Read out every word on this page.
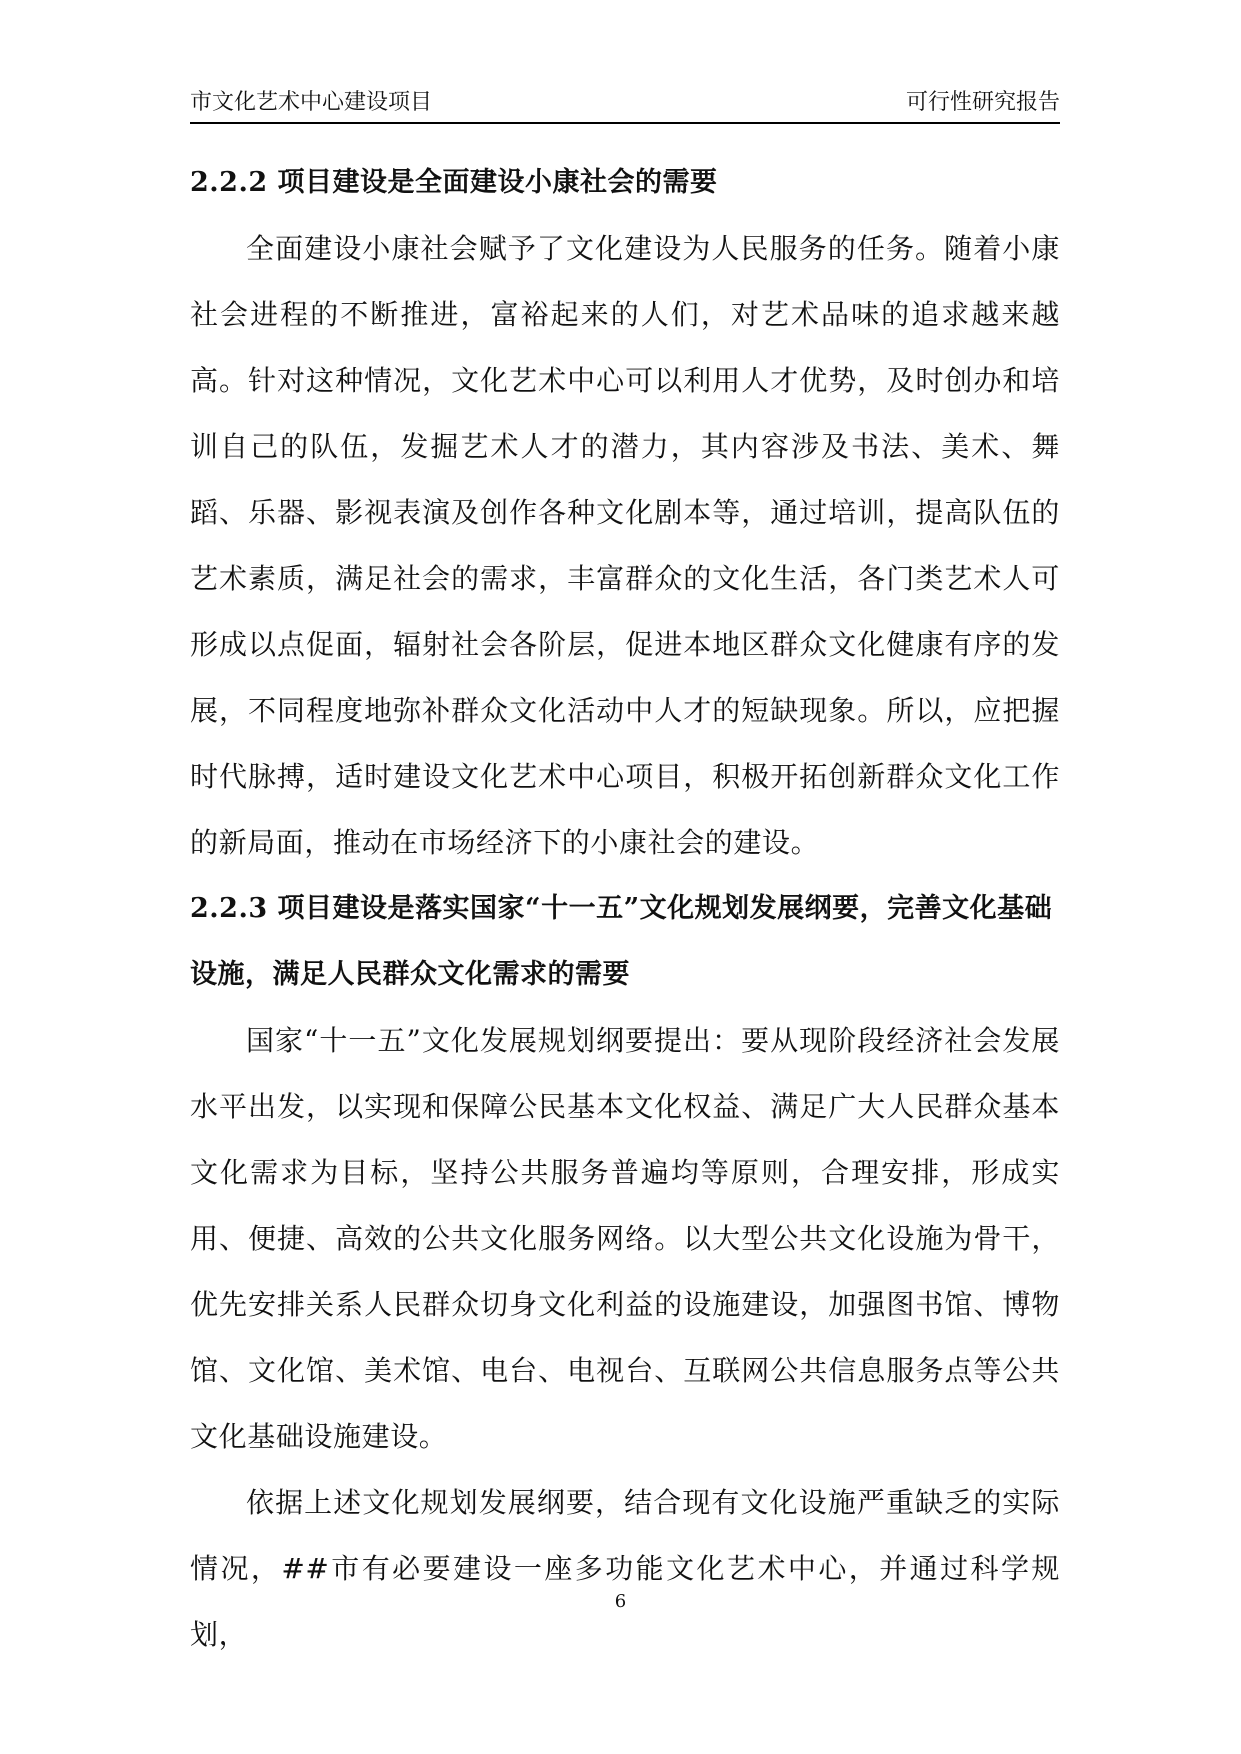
市文化艺术中心建设项目	可行性研究报告
2.2.2 项目建设是全面建设小康社会的需要

全面建设小康社会赋予了文化建设为人民服务的任务。随着小康社会进程的不断推进，富裕起来的人们，对艺术品味的追求越来越高。针对这种情况，文化艺术中心可以利用人才优势，及时创办和培训自己的队伍，发掘艺术人才的潜力，其内容涉及书法、美术、舞蹈、乐器、影视表演及创作各种文化剧本等，通过培训，提高队伍的艺术素质，满足社会的需求，丰富群众的文化生活，各门类艺术人可形成以点促面，辐射社会各阶层，促进本地区群众文化健康有序的发展，不同程度地弥补群众文化活动中人才的短缺现象。所以，应把握时代脉搏，适时建设文化艺术中心项目，积极开拓创新群众文化工作的新局面，推动在市场经济下的小康社会的建设。

2.2.3 项目建设是落实国家“十一五”文化规划发展纲要，完善文化基础设施，满足人民群众文化需求的需要

国家“十一五”文化发展规划纲要提出：要从现阶段经济社会发展水平出发，以实现和保障公民基本文化权益、满足广大人民群众基本文化需求为目标，坚持公共服务普遍均等原则，合理安排，形成实用、便捷、高效的公共文化服务网络。以大型公共文化设施为骨干，优先安排关系人民群众切身文化利益的设施建设，加强图书馆、博物馆、文化馆、美术馆、电台、电视台、互联网公共信息服务点等公共文化基础设施建设。

依据上述文化规划发展纲要，结合现有文化设施严重缺乏的实际情况，##市有必要建设一座多功能文化艺术中心，并通过科学规划，

6
